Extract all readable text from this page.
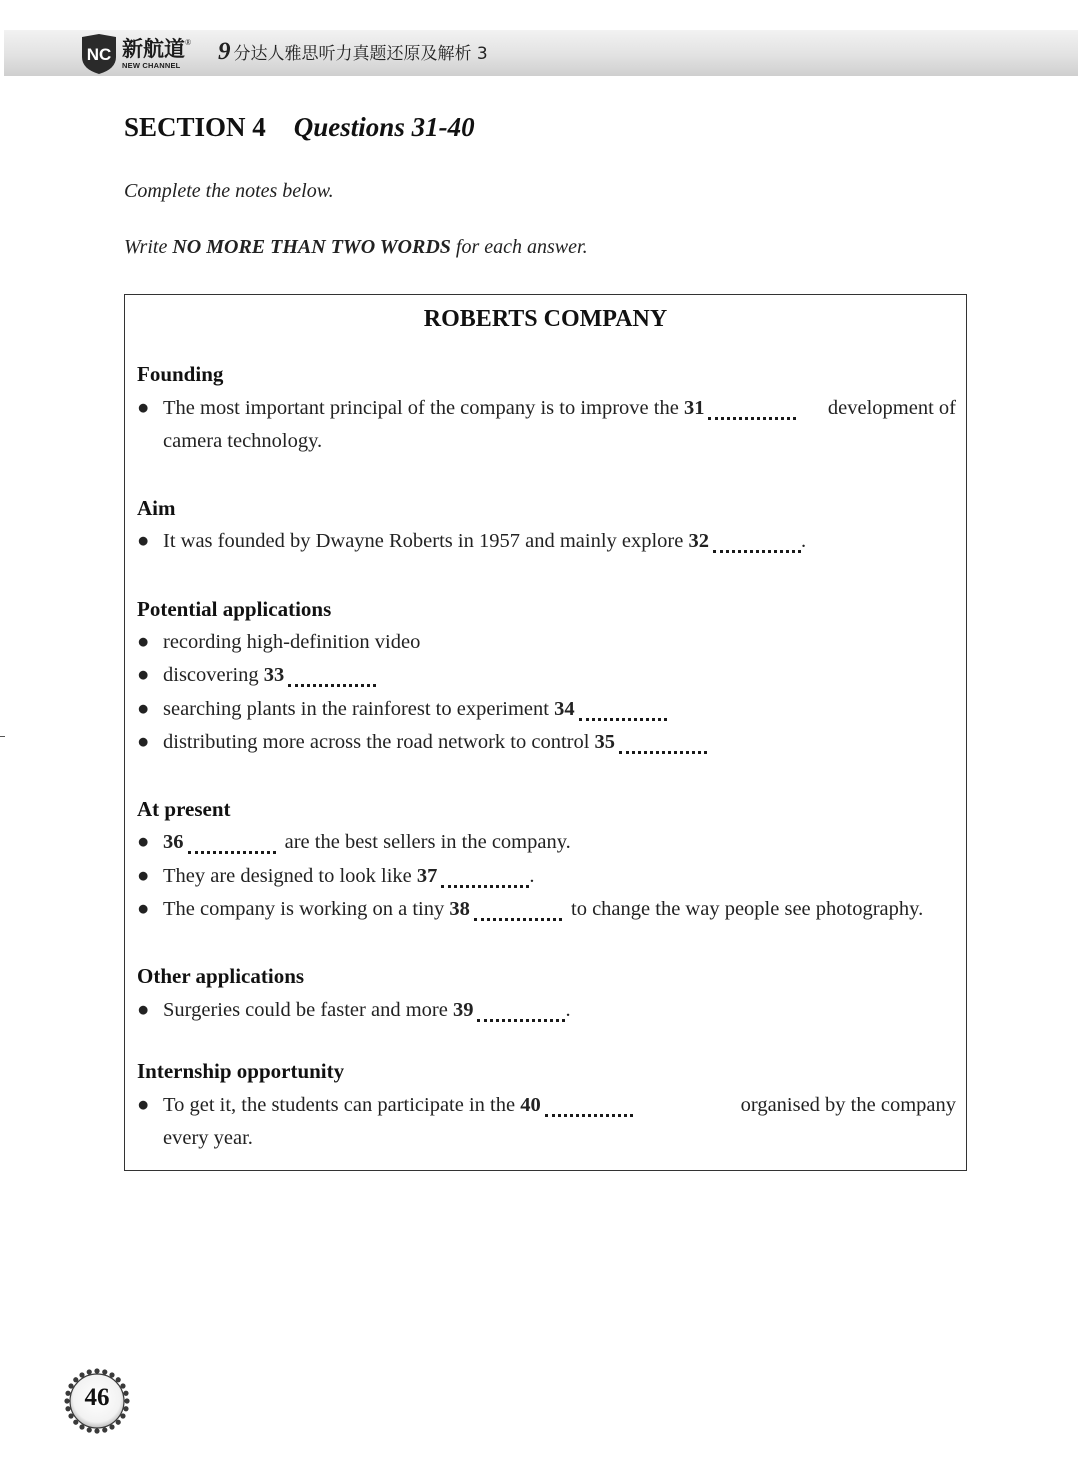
NC 新航道®
NEW CHANNEL
9 分达人雅思听力真题还原及解析 3
SECTION 4 Questions 31-40
Complete the notes below.
Write NO MORE THAN TWO WORDS for each answer.
ROBERTS COMPANY
Founding
● The most important principal of the company is to improve the 31	development of
camera technology.
Aim
● It was founded by Dwayne Roberts in 1957 and mainly explore 32	.
Potential applications
● recording high-definition video
● discovering 33
● searching plants in the rainforest to experiment 34
● distributing more across the road network to control 35
At present
● 36	are the best sellers in the company.
● They are designed to look like 37	.
● The company is working on a tiny 38	to change the way people see photography.
Other applications
● Surgeries could be faster and more 39	.
Internship opportunity
● To get it, the students can participate in the 40	organised by the company
every year.
46
